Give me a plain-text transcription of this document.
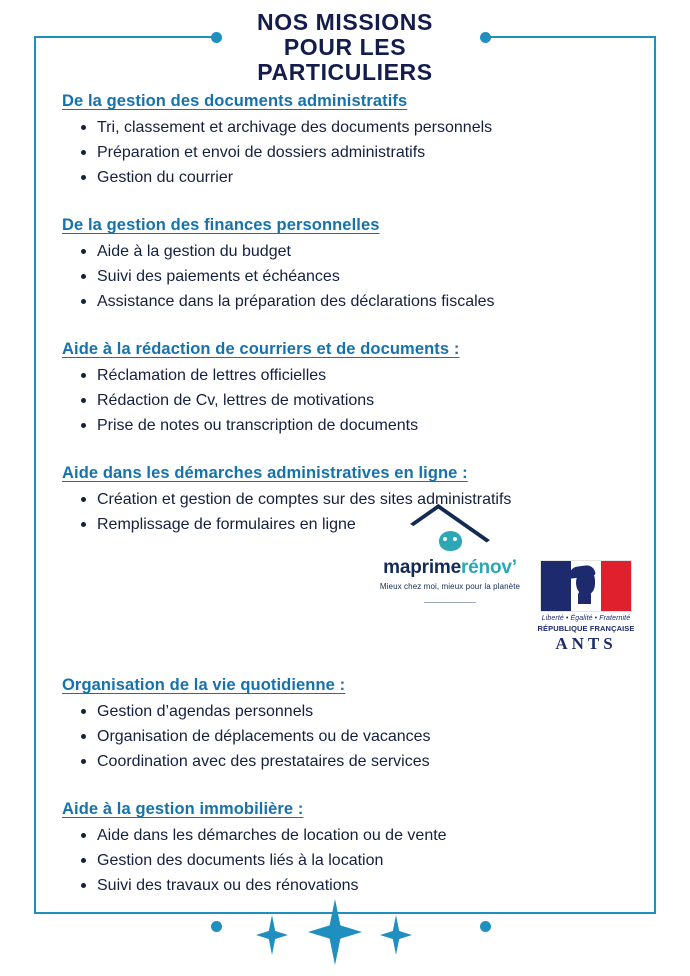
NOS MISSIONS
POUR LES
PARTICULIERS
De la gestion des documents administratifs
Tri, classement et archivage des documents personnels
Préparation et envoi de dossiers administratifs
Gestion du courrier
De la gestion des finances personnelles
Aide à la gestion du budget
Suivi des paiements et échéances
Assistance dans la préparation des déclarations fiscales
Aide à la rédaction de courriers et de documents :
Réclamation de lettres officielles
Rédaction de Cv, lettres de motivations
Prise de notes ou transcription de documents
Aide dans les démarches administratives en ligne :
Création et gestion de comptes sur des sites administratifs
Remplissage de formulaires en ligne
Organisation de la vie quotidienne :
Gestion d’agendas personnels
Organisation de déplacements ou de vacances
Coordination avec des prestataires de services
Aide à la gestion immobilière :
Aide dans les démarches de location ou de vente
Gestion des documents liés à la location
Suivi des travaux ou des rénovations
maprimerénov’
Mieux chez moi, mieux pour la planète
Liberté • Égalité • Fraternité
RÉPUBLIQUE FRANÇAISE
ANTS
